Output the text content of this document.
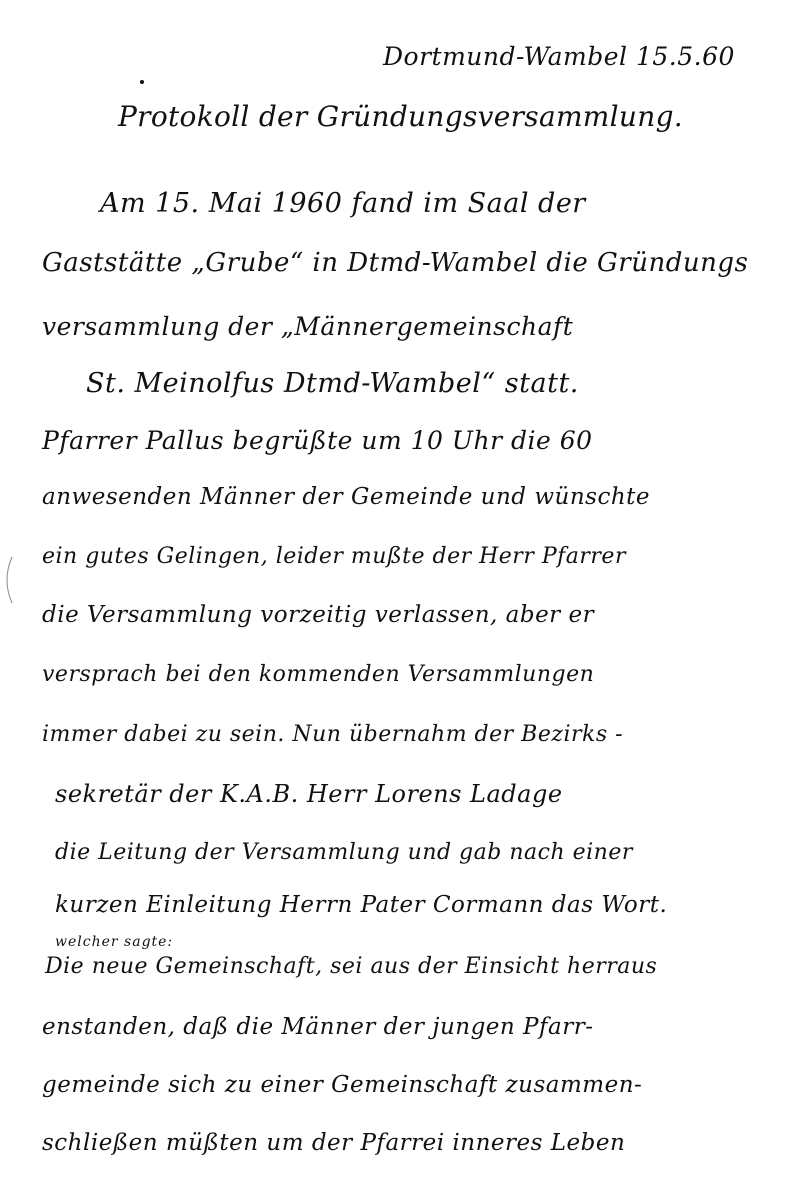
Dortmund-Wambel 15.5.60

Protokoll der Gründungsversammlung.

Am 15. Mai 1960 fand im Saal der

Gaststätte „Grube“ in Dtmd-Wambel die Gründungs

versammlung der „Männergemeinschaft

St. Meinolfus Dtmd-Wambel“ statt.

Pfarrer Pallus begrüßte um 10 Uhr die 60

anwesenden Männer der Gemeinde und wünschte

ein gutes Gelingen, leider mußte der Herr Pfarrer

die Versammlung vorzeitig verlassen, aber er

versprach bei den kommenden Versammlungen

immer dabei zu sein. Nun übernahm der Bezirks -

sekretär der K.A.B. Herr Lorens Ladage

die Leitung der Versammlung und gab nach einer

kurzen Einleitung Herrn Pater Cormann das Wort.

welcher sagte:

Die neue Gemeinschaft, sei aus der Einsicht herraus

enstanden, daß die Männer der jungen Pfarr-

gemeinde sich zu einer Gemeinschaft zusammen-

schließen müßten um der Pfarrei inneres Leben
